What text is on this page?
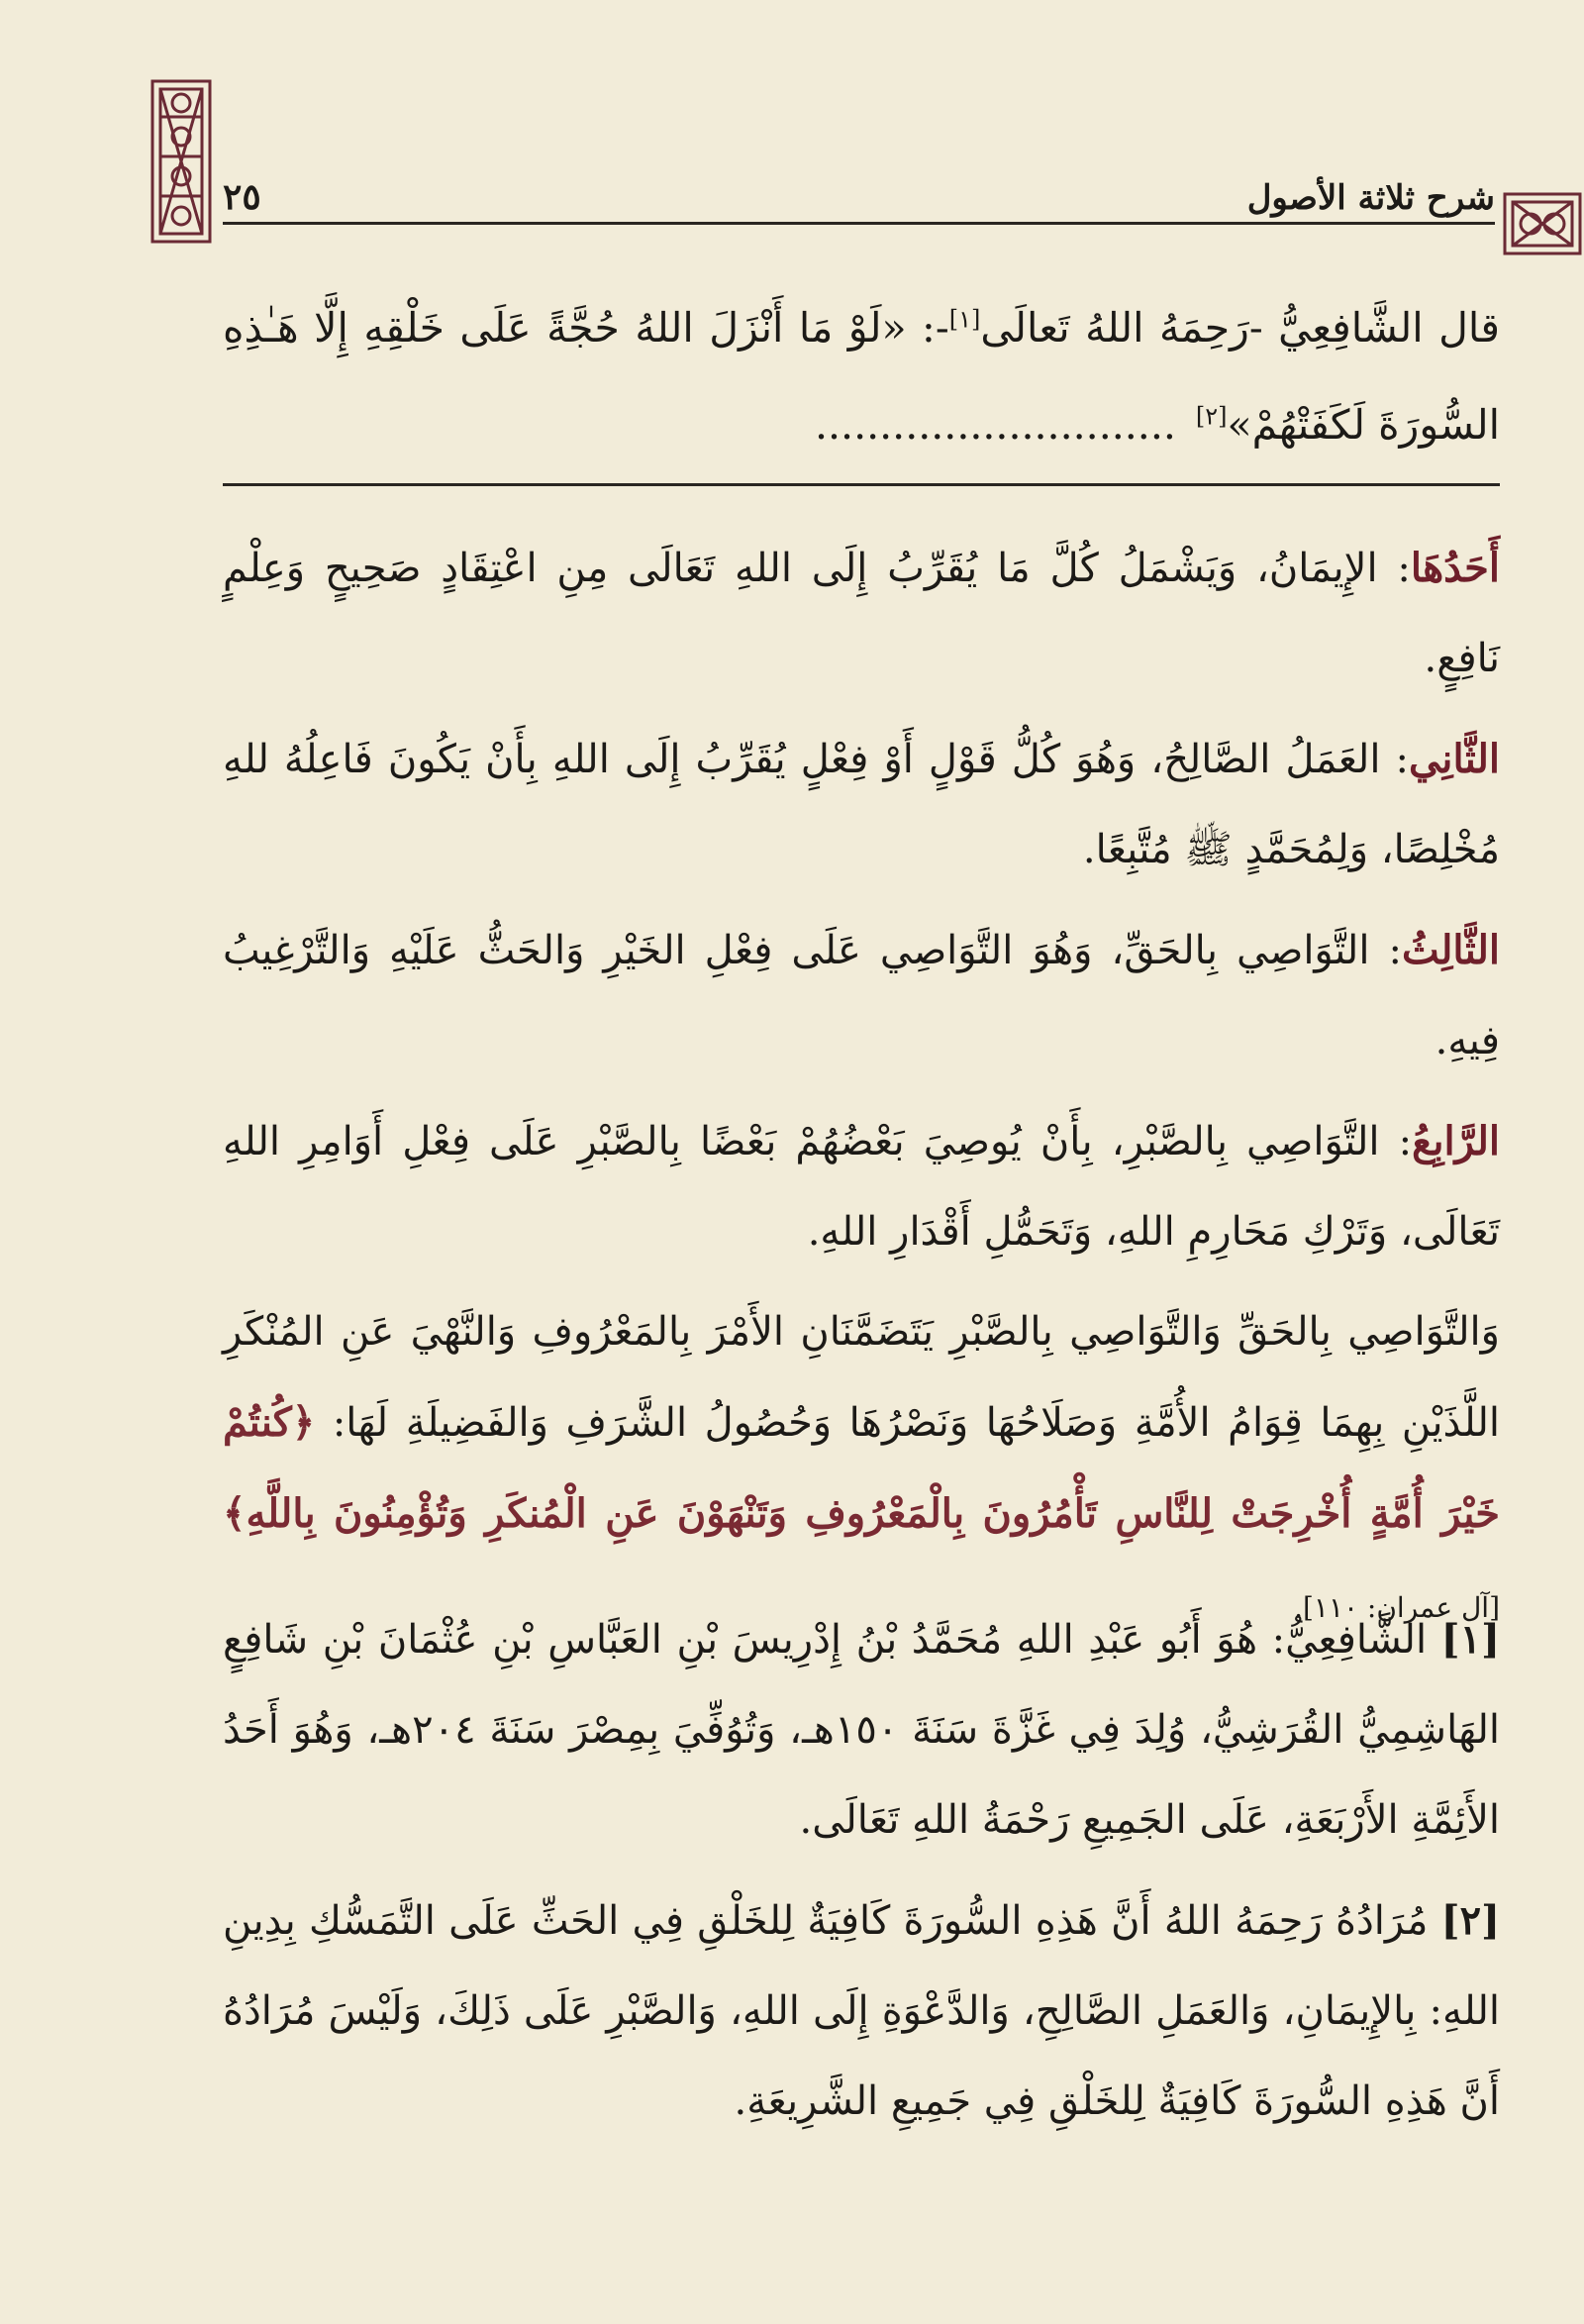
٢٥	شرح ثلاثة الأصول
قال الشَّافِعِيُّ -رَحِمَهُ اللهُ تَعالَى[١]-: «لَوْ مَا أَنْزَلَ اللهُ حُجَّةً عَلَى خَلْقِهِ إِلَّا هَـٰذِهِ السُّورَةَ لَكَفَتْهُمْ»[٢]............................

أَحَدُهَا: الإِيمَانُ، وَيَشْمَلُ كُلَّ مَا يُقَرِّبُ إِلَى اللهِ تَعَالَى مِنِ اعْتِقَادٍ صَحِيحٍ وَعِلْمٍ نَافِعٍ.

الثَّانِي: العَمَلُ الصَّالِحُ، وَهُوَ كُلُّ قَوْلٍ أَوْ فِعْلٍ يُقَرِّبُ إِلَى اللهِ بِأَنْ يَكُونَ فَاعِلُهُ للهِ مُخْلِصًا، وَلِمُحَمَّدٍ ﷺ مُتَّبِعًا.

الثَّالِثُ: التَّوَاصِي بِالحَقِّ، وَهُوَ التَّوَاصِي عَلَى فِعْلِ الخَيْرِ وَالحَثُّ عَلَيْهِ وَالتَّرْغِيبُ فِيهِ.

الرَّابِعُ: التَّوَاصِي بِالصَّبْرِ، بِأَنْ يُوصِيَ بَعْضُهُمْ بَعْضًا بِالصَّبْرِ عَلَى فِعْلِ أَوَامِرِ اللهِ تَعَالَى، وَتَرْكِ مَحَارِمِ اللهِ، وَتَحَمُّلِ أَقْدَارِ اللهِ.

وَالتَّوَاصِي بِالحَقِّ وَالتَّوَاصِي بِالصَّبْرِ يَتَضَمَّنَانِ الأَمْرَ بِالمَعْرُوفِ وَالنَّهْيَ عَنِ المُنْكَرِ اللَّذَيْنِ بِهِمَا قِوَامُ الأُمَّةِ وَصَلَاحُهَا وَنَصْرُهَا وَحُصُولُ الشَّرَفِ وَالفَضِيلَةِ لَهَا: ﴿كُنتُمْ خَيْرَ أُمَّةٍ أُخْرِجَتْ لِلنَّاسِ تَأْمُرُونَ بِالْمَعْرُوفِ وَتَنْهَوْنَ عَنِ الْمُنكَرِ وَتُؤْمِنُونَ بِاللَّهِ﴾ [آل عمران: ١١٠].

[١] الشَّافِعِيُّ: هُوَ أَبُو عَبْدِ اللهِ مُحَمَّدُ بْنُ إِدْرِيسَ بْنِ العَبَّاسِ بْنِ عُثْمَانَ بْنِ شَافِعٍ الهَاشِمِيُّ القُرَشِيُّ، وُلِدَ فِي غَزَّةَ سَنَةَ ١٥٠هـ، وَتُوُفِّيَ بِمِصْرَ سَنَةَ ٢٠٤هـ، وَهُوَ أَحَدُ الأَئِمَّةِ الأَرْبَعَةِ، عَلَى الجَمِيعِ رَحْمَةُ اللهِ تَعَالَى.

[٢] مُرَادُهُ رَحِمَهُ اللهُ أَنَّ هَذِهِ السُّورَةَ كَافِيَةٌ لِلخَلْقِ فِي الحَثِّ عَلَى التَّمَسُّكِ بِدِينِ اللهِ: بِالإِيمَانِ، وَالعَمَلِ الصَّالِحِ، وَالدَّعْوَةِ إِلَى اللهِ، وَالصَّبْرِ عَلَى ذَلِكَ، وَلَيْسَ مُرَادُهُ أَنَّ هَذِهِ السُّورَةَ كَافِيَةٌ لِلخَلْقِ فِي جَمِيعِ الشَّرِيعَةِ.
